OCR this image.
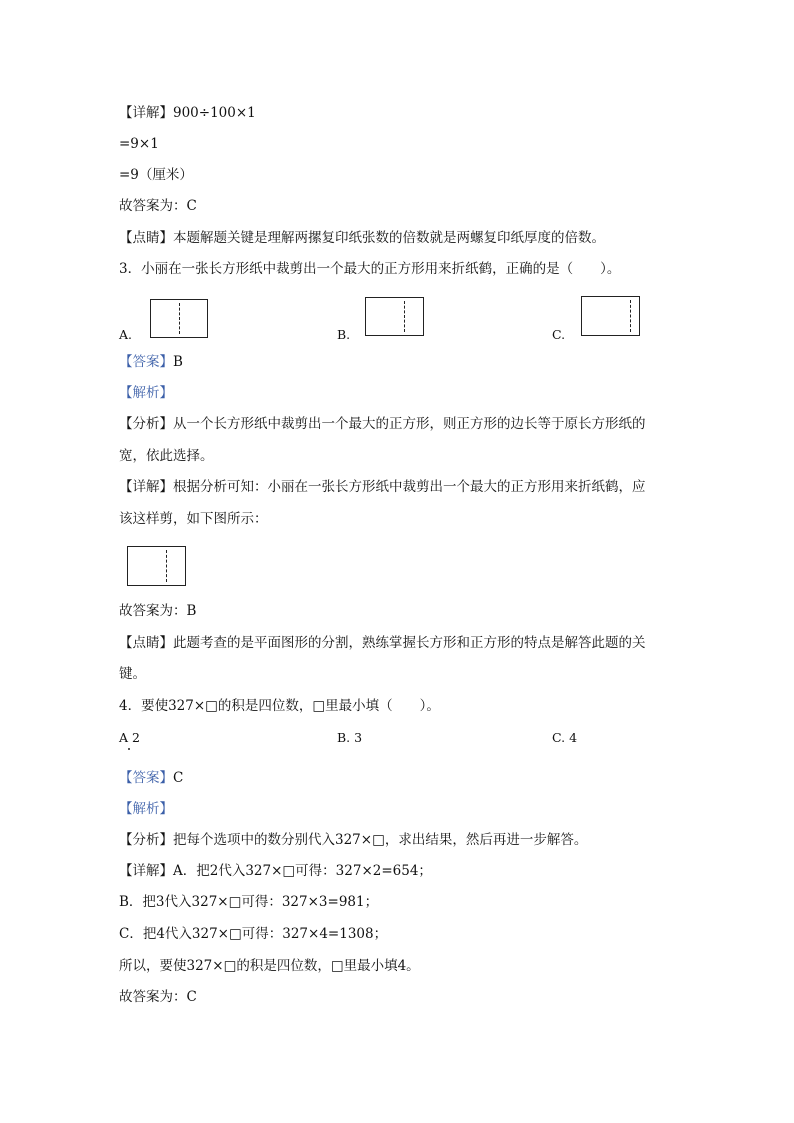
【详解】900÷100×1
=9×1
=9（厘米）
故答案为：C
【点睛】本题解题关键是理解两摞复印纸张数的倍数就是两螺复印纸厚度的倍数。
3．小丽在一张长方形纸中裁剪出一个最大的正方形用来折纸鹤，正确的是（　　）。
A.	B.	C.
【答案】B
【解析】
【分析】从一个长方形纸中裁剪出一个最大的正方形，则正方形的边长等于原长方形纸的
宽，依此选择。
【详解】根据分析可知：小丽在一张长方形纸中裁剪出一个最大的正方形用来折纸鹤，应
该这样剪，如下图所示：
故答案为：B
【点睛】此题考查的是平面图形的分割，熟练掌握长方形和正方形的特点是解答此题的关
键。
4．要使327×□的积是四位数，□里最小填（　　）。
A 2	B. 3	C. 4
【答案】C
【解析】
【分析】把每个选项中的数分别代入327×□，求出结果，然后再进一步解答。
【详解】A．把2代入327×□可得：327×2=654；
B．把3代入327×□可得：327×3=981；
C．把4代入327×□可得：327×4=1308；
所以，要使327×□的积是四位数，□里最小填4。
故答案为：C
